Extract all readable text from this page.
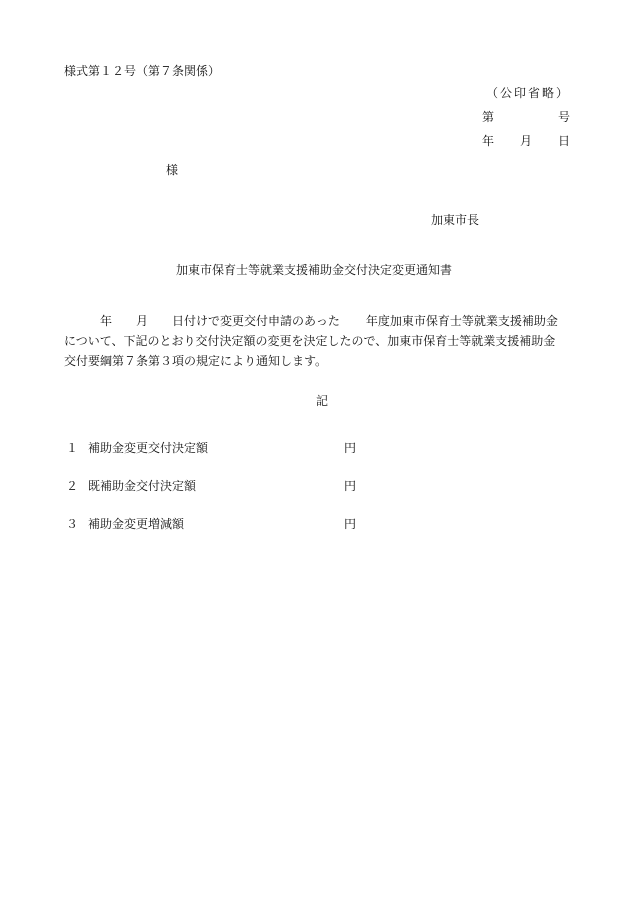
様式第１２号（第７条関係）
（公印省略）
第	号
年 月 日
様
加東市長
加東市保育士等就業支援補助金交付決定変更通知書
年 月 日付けで変更交付申請のあった 年度加東市保育士等就業支援補助金
について、下記のとおり交付決定額の変更を決定したので、加東市保育士等就業支援補助金
交付要綱第７条第３項の規定により通知します。
記
１ 補助金変更交付決定額	円
２ 既補助金交付決定額	円
３ 補助金変更増減額	円
